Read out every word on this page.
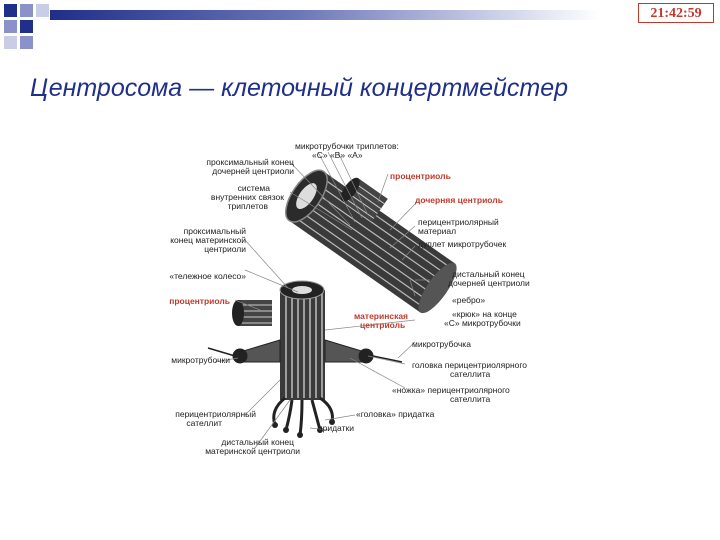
21:42:59
Центросома — клеточный концертмейстер
микротрубочки триплетов:
«С» «В» «А»
проксимальный конец
дочерней центриоли	процентриоль
система
внутренних связок
триплетов
дочерняя центриоль
перицентриолярный
материал
дуплет микротрубочек
проксимальный
конец материнской
центриоли
«тележное колесо»	дистальный конец
дочерней центриоли
процентриоль	«ребро»
материнская
центриоль
«крюк» на конце
«С» микротрубочки
микротрубочка
микротрубочки	головка перицентриолярного
сателлита
«ножка» перицентриолярного
сателлита
перицентриолярный
сателлит
«головка» придатка
придатки
дистальный конец
материнской центриоли
